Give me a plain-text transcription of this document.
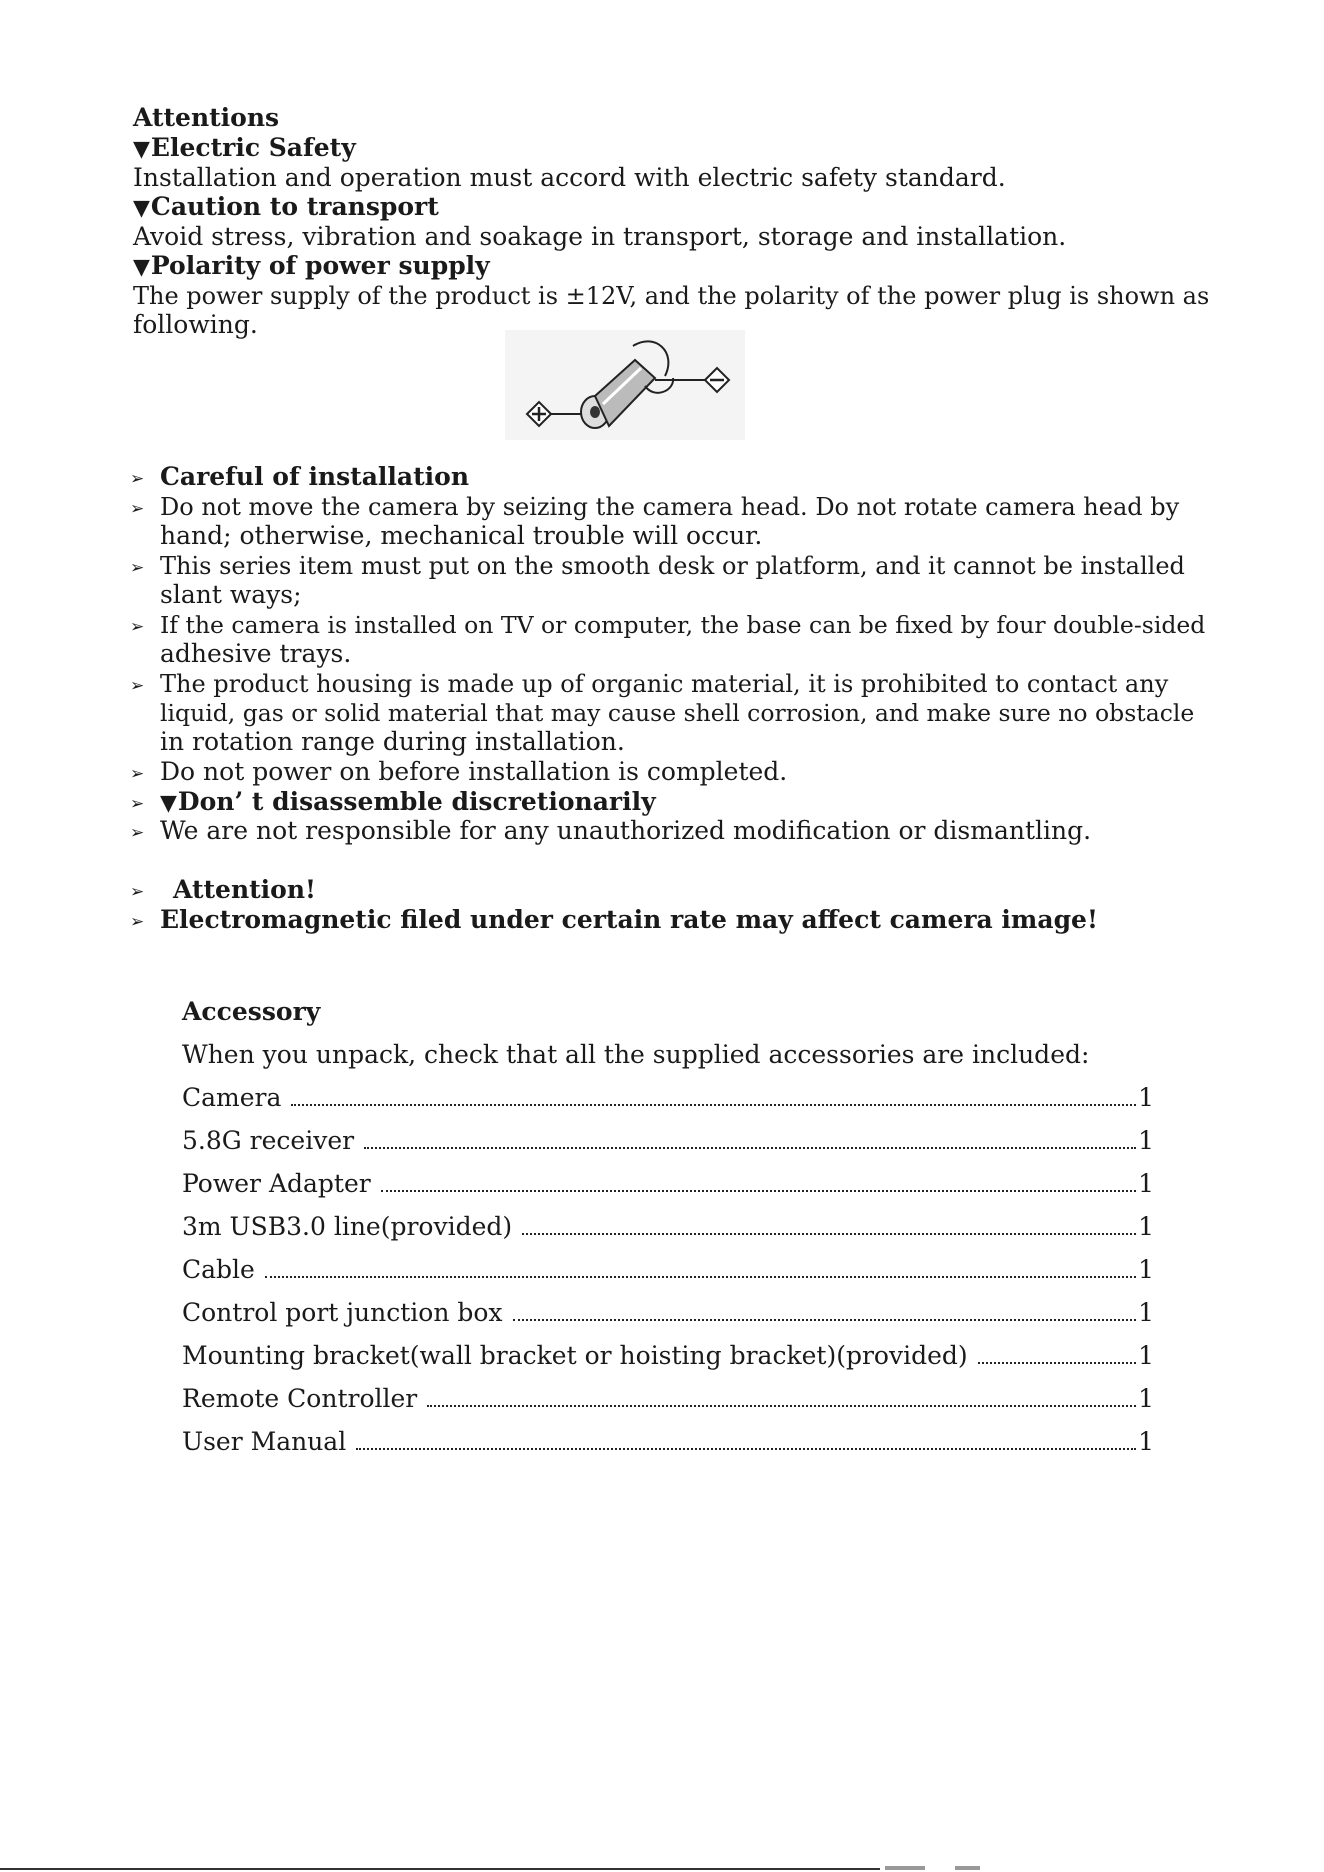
Attentions
▼Electric Safety
Installation and operation must accord with electric safety standard.
▼Caution to transport
Avoid stress, vibration and soakage in transport, storage and installation.
▼Polarity of power supply
The power supply of the product is ±12V, and the polarity of the power plug is shown as
following.
➢ Careful of installation
➢ Do not move the camera by seizing the camera head. Do not rotate camera head by
hand; otherwise, mechanical trouble will occur.
➢ This series item must put on the smooth desk or platform, and it cannot be installed
slant ways;
➢ If the camera is installed on TV or computer, the base can be fixed by four double-sided
adhesive trays.
➢ The product housing is made up of organic material, it is prohibited to contact any
liquid, gas or solid material that may cause shell corrosion, and make sure no obstacle
in rotation range during installation.
➢ Do not power on before installation is completed.
➢ ▼Don’ t disassemble discretionarily
➢ We are not responsible for any unauthorized modification or dismantling.
➢ Attention!
➢ Electromagnetic filed under certain rate may affect camera image!
Accessory
When you unpack, check that all the supplied accessories are included:
Camera	1
5.8G receiver	1
Power Adapter	1
3m USB3.0 line(provided)	1
Cable	1
Control port junction box	1
Mounting bracket(wall bracket or hoisting bracket)(provided)	1
Remote Controller	1
User Manual	1
